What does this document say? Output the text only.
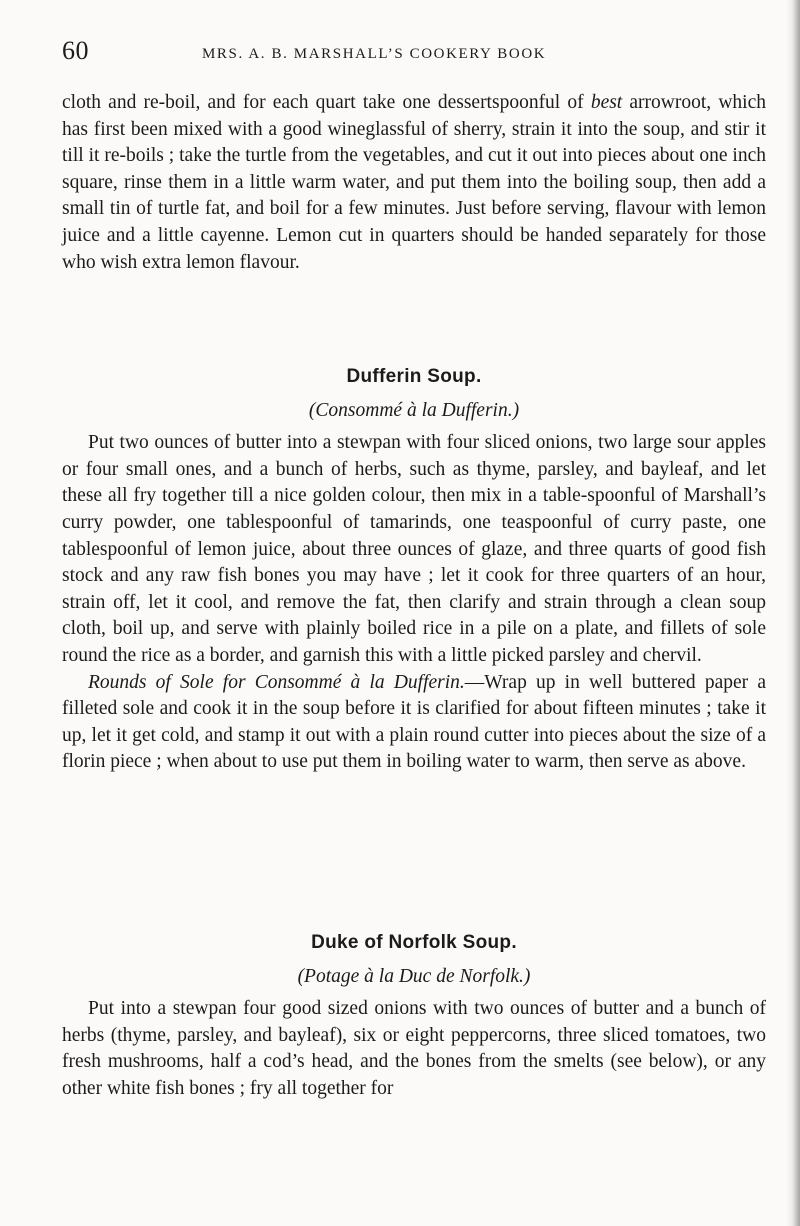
60	MRS. A. B. MARSHALL’S COOKERY BOOK

cloth and re-boil, and for each quart take one dessertspoonful of best arrowroot, which has first been mixed with a good wineglassful of sherry, strain it into the soup, and stir it till it re-boils ; take the turtle from the vegetables, and cut it out into pieces about one inch square, rinse them in a little warm water, and put them into the boiling soup, then add a small tin of turtle fat, and boil for a few minutes. Just before serving, flavour with lemon juice and a little cayenne. Lemon cut in quarters should be handed separately for those who wish extra lemon flavour.

Dufferin Soup.

(Consommé à la Dufferin.)

Put two ounces of butter into a stewpan with four sliced onions, two large sour apples or four small ones, and a bunch of herbs, such as thyme, parsley, and bayleaf, and let these all fry together till a nice golden colour, then mix in a table-spoonful of Marshall’s curry powder, one tablespoonful of tamarinds, one teaspoonful of curry paste, one tablespoonful of lemon juice, about three ounces of glaze, and three quarts of good fish stock and any raw fish bones you may have ; let it cook for three quarters of an hour, strain off, let it cool, and remove the fat, then clarify and strain through a clean soup cloth, boil up, and serve with plainly boiled rice in a pile on a plate, and fillets of sole round the rice as a border, and garnish this with a little picked parsley and chervil.

Rounds of Sole for Consommé à la Dufferin.—Wrap up in well buttered paper a filleted sole and cook it in the soup before it is clarified for about fifteen minutes ; take it up, let it get cold, and stamp it out with a plain round cutter into pieces about the size of a florin piece ; when about to use put them in boiling water to warm, then serve as above.

Duke of Norfolk Soup.

(Potage à la Duc de Norfolk.)

Put into a stewpan four good sized onions with two ounces of butter and a bunch of herbs (thyme, parsley, and bayleaf), six or eight peppercorns, three sliced tomatoes, two fresh mushrooms, half a cod’s head, and the bones from the smelts (see below), or any other white fish bones ; fry all together for
